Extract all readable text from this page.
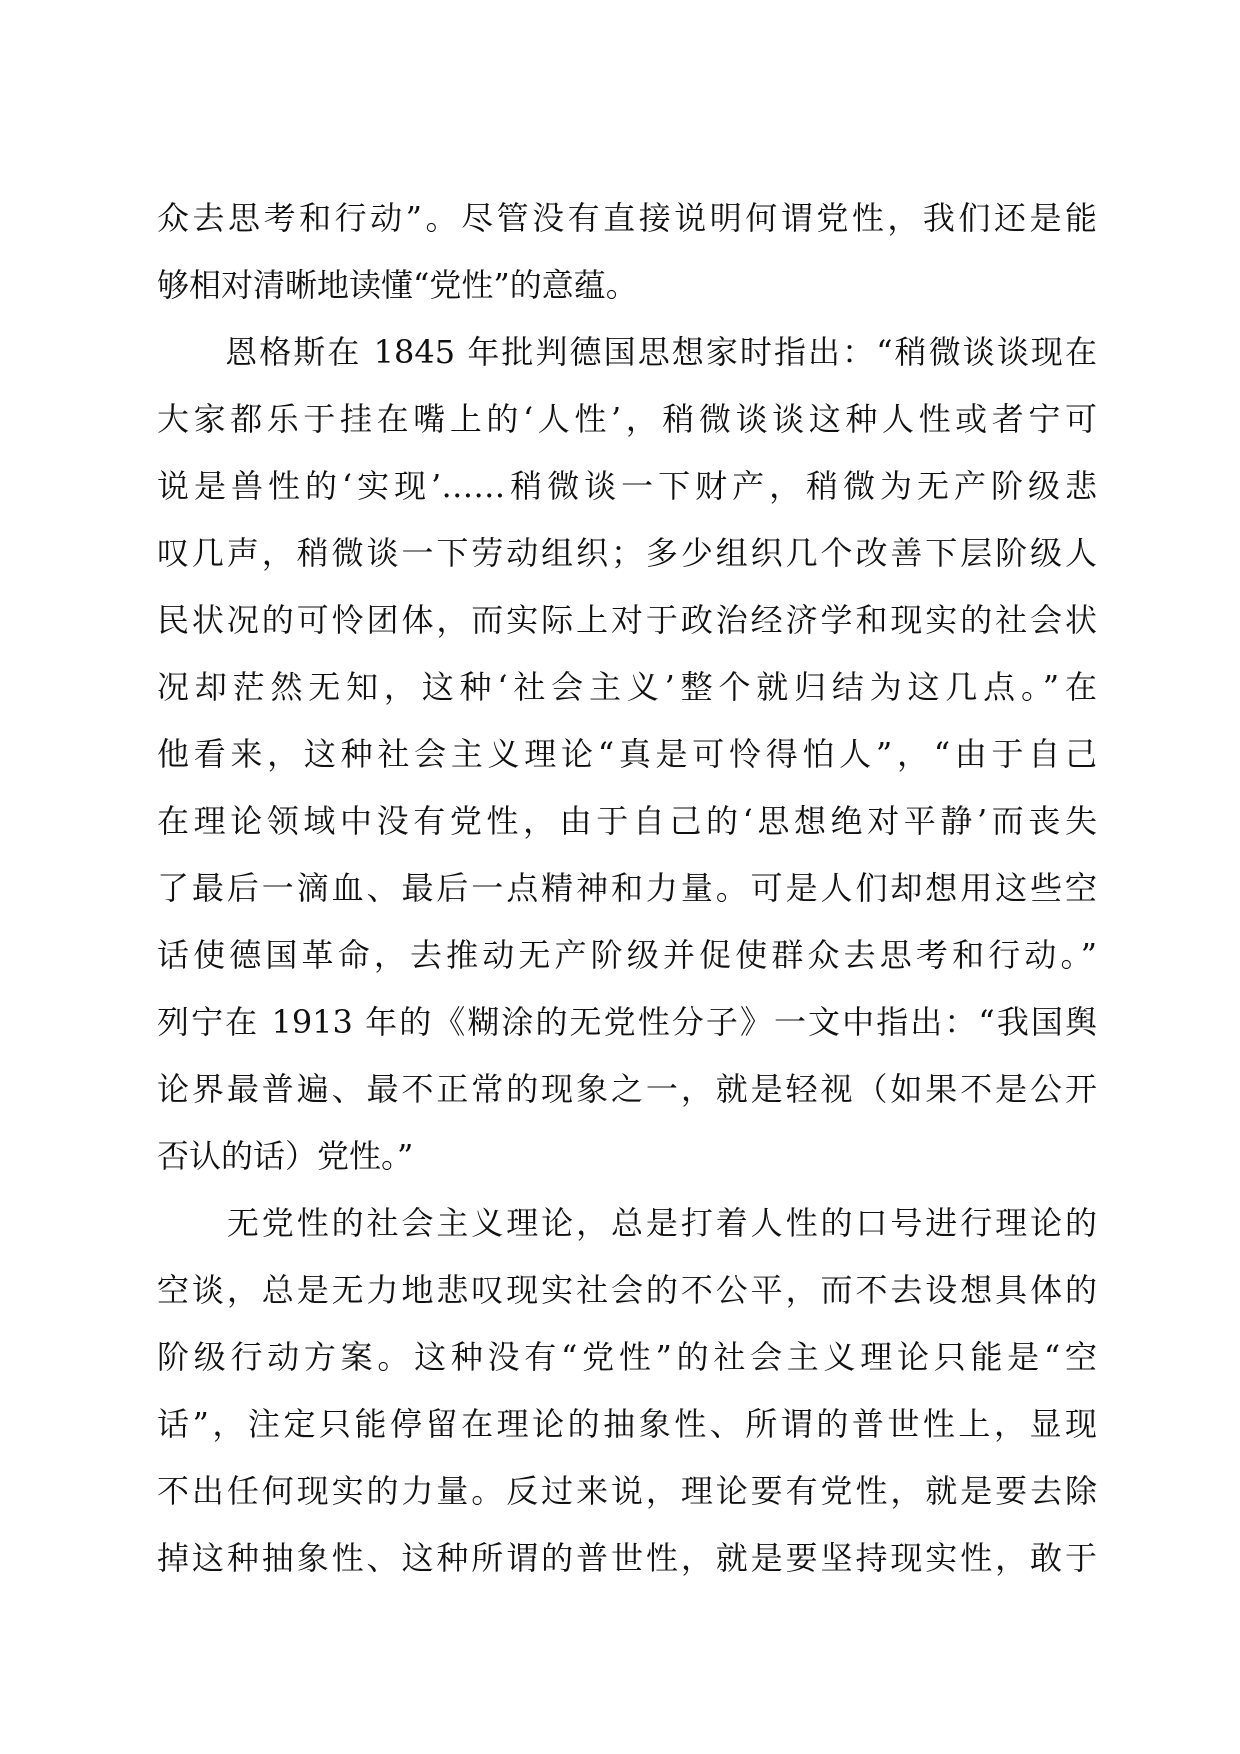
众去思考和行动”。尽管没有直接说明何谓党性，我们还是能
够相对清晰地读懂“党性”的意蕴。

　　恩格斯在 1845 年批判德国思想家时指出：“稍微谈谈现在
大家都乐于挂在嘴上的‘人性’，稍微谈谈这种人性或者宁可
说是兽性的‘实现’……稍微谈一下财产，稍微为无产阶级悲
叹几声，稍微谈一下劳动组织；多少组织几个改善下层阶级人
民状况的可怜团体，而实际上对于政治经济学和现实的社会状
况却茫然无知，这种‘社会主义’整个就归结为这几点。”在
他看来，这种社会主义理论“真是可怜得怕人”，“由于自己
在理论领域中没有党性，由于自己的‘思想绝对平静’而丧失
了最后一滴血、最后一点精神和力量。可是人们却想用这些空
话使德国革命，去推动无产阶级并促使群众去思考和行动。”
列宁在 1913 年的《糊涂的无党性分子》一文中指出：“我国舆
论界最普遍、最不正常的现象之一，就是轻视（如果不是公开
否认的话）党性。”

　　无党性的社会主义理论，总是打着人性的口号进行理论的
空谈，总是无力地悲叹现实社会的不公平，而不去设想具体的
阶级行动方案。这种没有“党性”的社会主义理论只能是“空
话”，注定只能停留在理论的抽象性、所谓的普世性上，显现
不出任何现实的力量。反过来说，理论要有党性，就是要去除
掉这种抽象性、这种所谓的普世性，就是要坚持现实性，敢于
